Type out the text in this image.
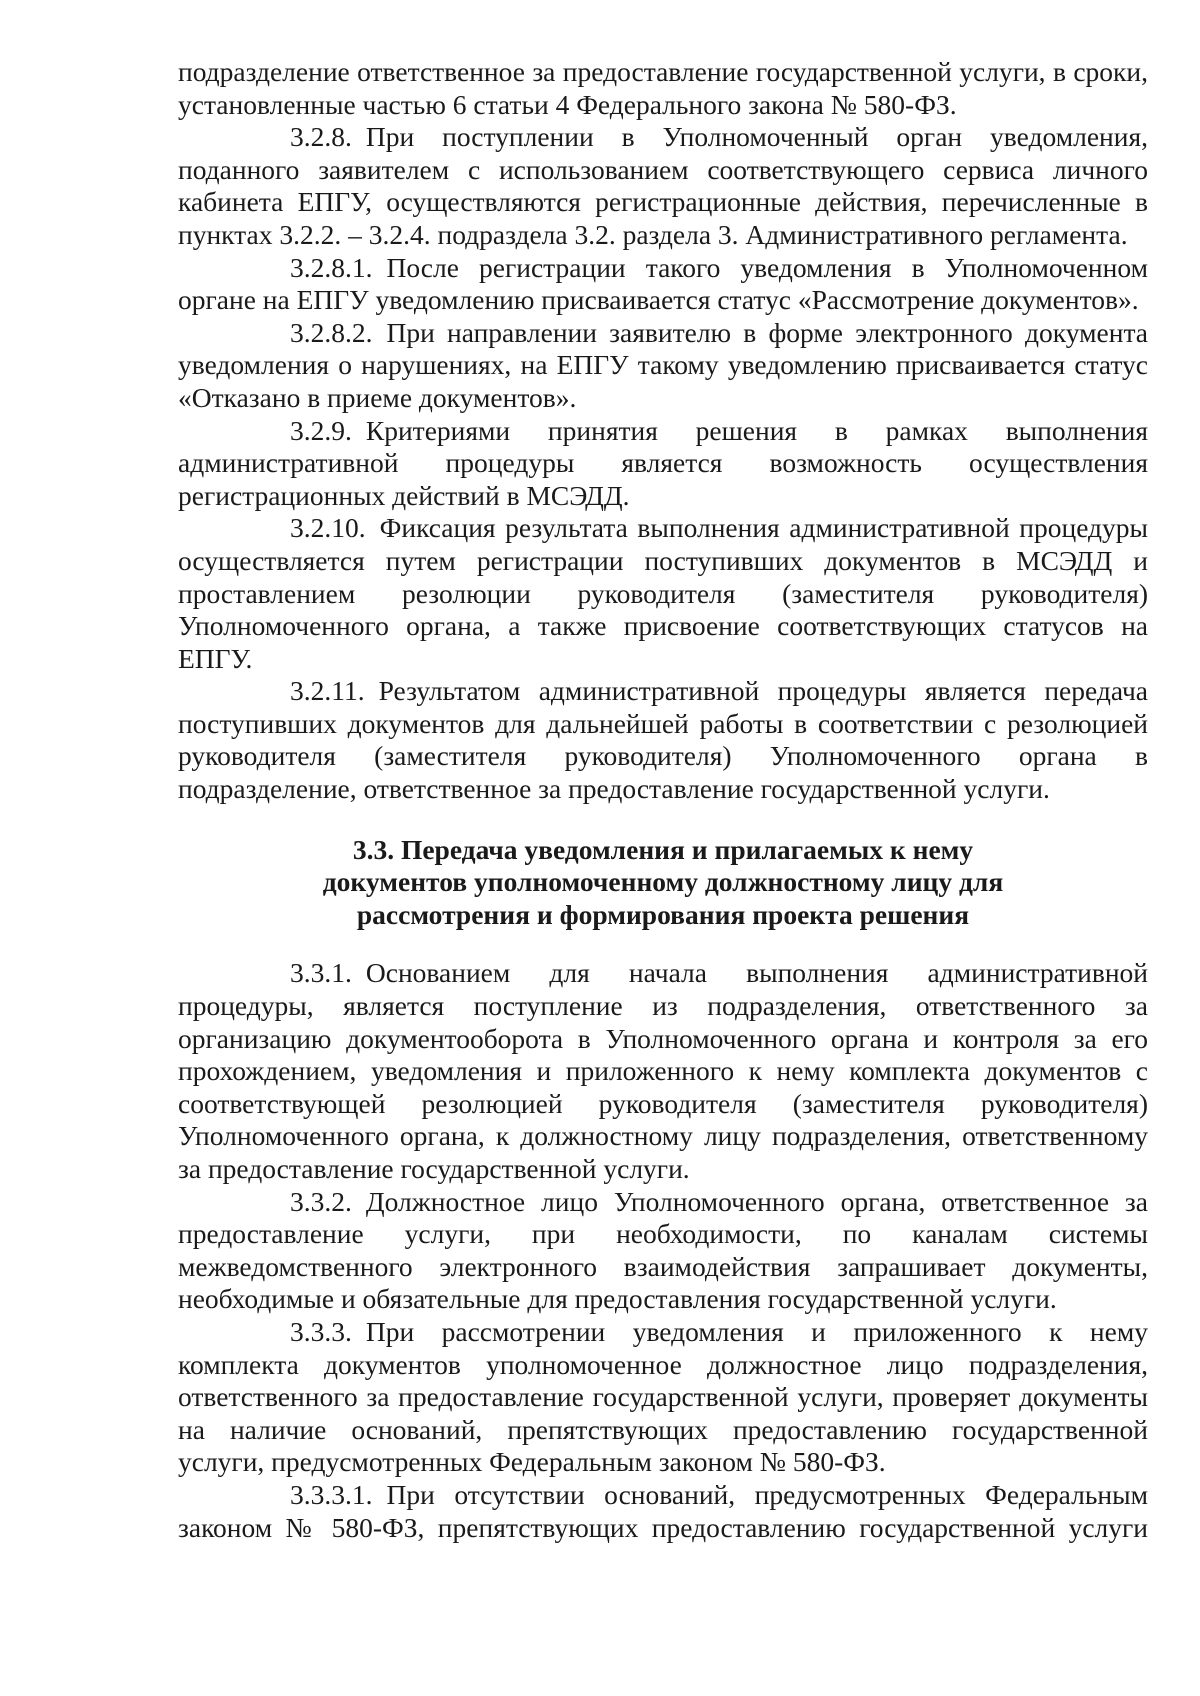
подразделение ответственное за предоставление государственной услуги, в сроки, установленные частью 6 статьи 4 Федерального закона № 580-ФЗ.

3.2.8. При поступлении в Уполномоченный орган уведомления, поданного заявителем с использованием соответствующего сервиса личного кабинета ЕПГУ, осуществляются регистрационные действия, перечисленные в пунктах 3.2.2. – 3.2.4. подраздела 3.2. раздела 3. Административного регламента.

3.2.8.1. После регистрации такого уведомления в Уполномоченном органе на ЕПГУ уведомлению присваивается статус «Рассмотрение документов».

3.2.8.2. При направлении заявителю в форме электронного документа уведомления о нарушениях, на ЕПГУ такому уведомлению присваивается статус «Отказано в приеме документов».

3.2.9. Критериями принятия решения в рамках выполнения административной процедуры является возможность осуществления регистрационных действий в МСЭДД.

3.2.10. Фиксация результата выполнения административной процедуры осуществляется путем регистрации поступивших документов в МСЭДД и проставлением резолюции руководителя (заместителя руководителя) Уполномоченного органа, а также присвоение соответствующих статусов на ЕПГУ.

3.2.11. Результатом административной процедуры является передача поступивших документов для дальнейшей работы в соответствии с резолюцией руководителя (заместителя руководителя) Уполномоченного органа в подразделение, ответственное за предоставление государственной услуги.

3.3. Передача уведомления и прилагаемых к нему
документов уполномоченному должностному лицу для
рассмотрения и формирования проекта решения

3.3.1. Основанием для начала выполнения административной процедуры, является поступление из подразделения, ответственного за организацию документооборота в Уполномоченного органа и контроля за его прохождением, уведомления и приложенного к нему комплекта документов с соответствующей резолюцией руководителя (заместителя руководителя) Уполномоченного органа, к должностному лицу подразделения, ответственному за предоставление государственной услуги.

3.3.2. Должностное лицо Уполномоченного органа, ответственное за предоставление услуги, при необходимости, по каналам системы межведомственного электронного взаимодействия запрашивает документы, необходимые и обязательные для предоставления государственной услуги.

3.3.3. При рассмотрении уведомления и приложенного к нему комплекта документов уполномоченное должностное лицо подразделения, ответственного за предоставление государственной услуги, проверяет документы на наличие оснований, препятствующих предоставлению государственной услуги, предусмотренных Федеральным законом № 580-ФЗ.

3.3.3.1. При отсутствии оснований, предусмотренных Федеральным законом № 580-ФЗ, препятствующих предоставлению государственной услуги
